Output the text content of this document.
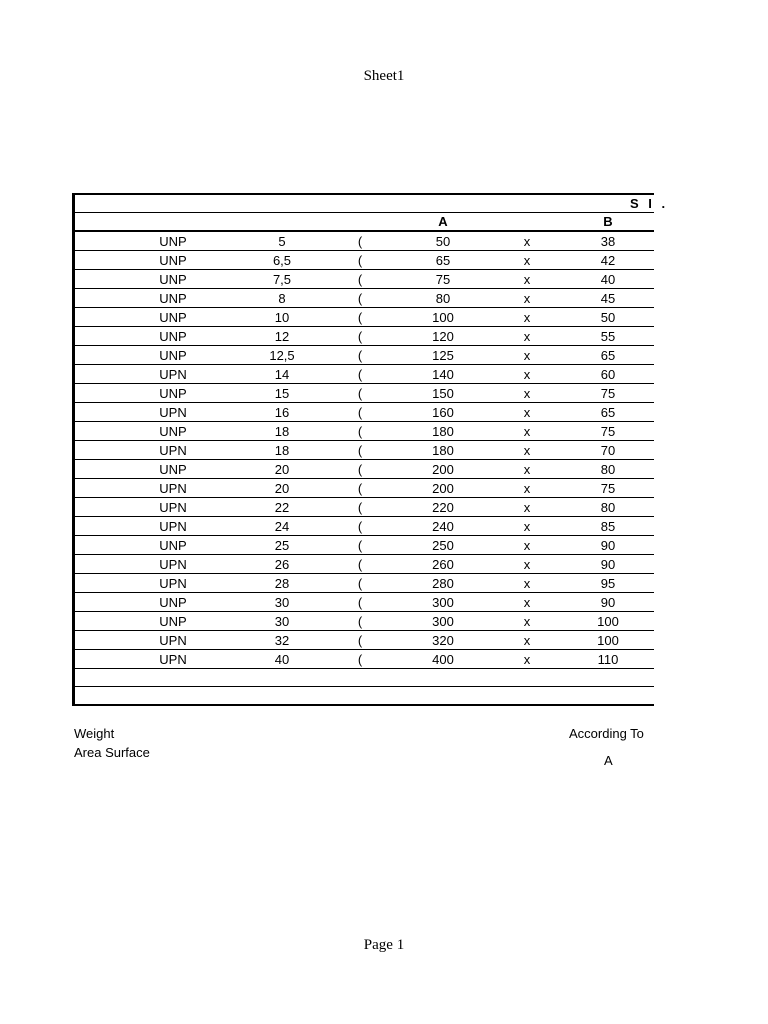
Sheet1
S I .
A	B
UNP	5	(	50	x	38
UNP	6,5	(	65	x	42
UNP	7,5	(	75	x	40
UNP	8	(	80	x	45
UNP	10	(	100	x	50
UNP	12	(	120	x	55
UNP	12,5	(	125	x	65
UPN	14	(	140	x	60
UNP	15	(	150	x	75
UPN	16	(	160	x	65
UNP	18	(	180	x	75
UPN	18	(	180	x	70
UNP	20	(	200	x	80
UPN	20	(	200	x	75
UPN	22	(	220	x	80
UPN	24	(	240	x	85
UNP	25	(	250	x	90
UPN	26	(	260	x	90
UPN	28	(	280	x	95
UNP	30	(	300	x	90
UNP	30	(	300	x	100
UPN	32	(	320	x	100
UPN	40	(	400	x	110
Weight
Area Surface
According To
A
Page 1
